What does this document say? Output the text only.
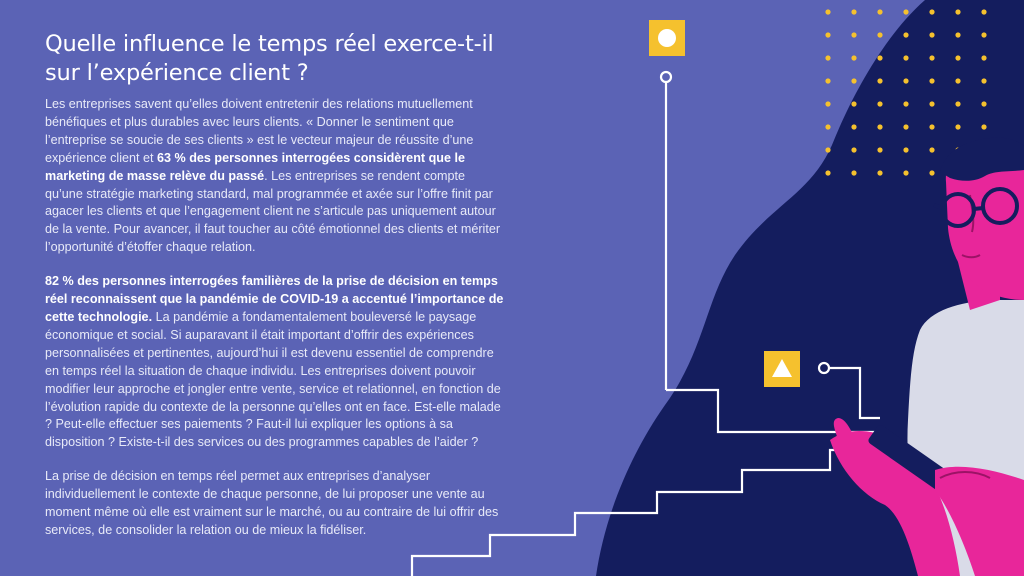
Quelle influence le temps réel exerce-t-il sur l’expérience client ?

Les entreprises savent qu’elles doivent entretenir des relations mutuellement bénéfiques et plus durables avec leurs clients. « Donner le sentiment que l’entreprise se soucie de ses clients » est le vecteur majeur de réussite d’une expérience client et 63 % des personnes interrogées considèrent que le marketing de masse relève du passé. Les entreprises se rendent compte qu’une stratégie marketing standard, mal programmée et axée sur l’offre finit par agacer les clients et que l’engagement client ne s’articule pas uniquement autour de la vente. Pour avancer, il faut toucher au côté émotionnel des clients et mériter l’opportunité d’étoffer chaque relation.

82 % des personnes interrogées familières de la prise de décision en temps réel reconnaissent que la pandémie de COVID-19 a accentué l’importance de cette technologie. La pandémie a fondamentalement bouleversé le paysage économique et social. Si auparavant il était important d’offrir des expériences personnalisées et pertinentes, aujourd’hui il est devenu essentiel de comprendre en temps réel la situation de chaque individu. Les entreprises doivent pouvoir modifier leur approche et jongler entre vente, service et relationnel, en fonction de l’évolution rapide du contexte de la personne qu’elles ont en face. Est-elle malade ? Peut-elle effectuer ses paiements ? Faut-il lui expliquer les options à sa disposition ? Existe-t-il des services ou des programmes capables de l’aider ?

La prise de décision en temps réel permet aux entreprises d’analyser individuellement le contexte de chaque personne, de lui proposer une vente au moment même où elle est vraiment sur le marché, ou au contraire de lui offrir des services, de consolider la relation ou de mieux la fidéliser.
